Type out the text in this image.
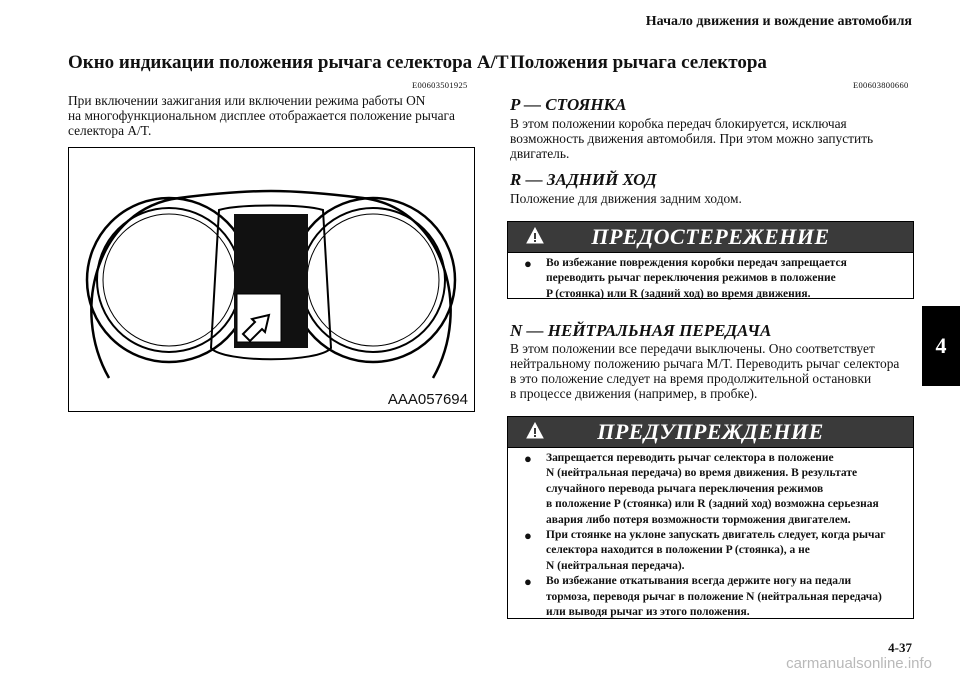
Начало движения и вождение автомобиля
4
Окно индикации положения рычага селектора A/T
E00603501925
При включении зажигания или включении режима работы ON
на многофункциональном дисплее отображается положение рычага
селектора A/T.
P
AAA057694
Положения рычага селектора
E00603800660
P — СТОЯНКА
В этом положении коробка передач блокируется, исключая
возможность движения автомобиля. При этом можно запустить
двигатель.
R — ЗАДНИЙ ХОД
Положение для движения задним ходом.
ПРЕДОСТЕРЕЖЕНИЕ
● Во избежание повреждения коробки передач запрещается
переводить рычаг переключения режимов в положение
P (стоянка) или R (задний ход) во время движения.
N — НЕЙТРАЛЬНАЯ ПЕРЕДАЧА
В этом положении все передачи выключены. Оно соответствует
нейтральному положению рычага M/T. Переводить рычаг селектора
в это положение следует на время продолжительной остановки
в процессе движения (например, в пробке).
ПРЕДУПРЕЖДЕНИЕ
● Запрещается переводить рычаг селектора в положение
N (нейтральная передача) во время движения. В результате
случайного перевода рычага переключения режимов
в положение P (стоянка) или R (задний ход) возможна серьезная
авария либо потеря возможности торможения двигателем.
● При стоянке на уклоне запускать двигатель следует, когда рычаг
селектора находится в положении P (стоянка), а не
N (нейтральная передача).
● Во избежание откатывания всегда держите ногу на педали
тормоза, переводя рычаг в положение N (нейтральная передача)
или выводя рычаг из этого положения.
4-37
carmanualsonline.info
